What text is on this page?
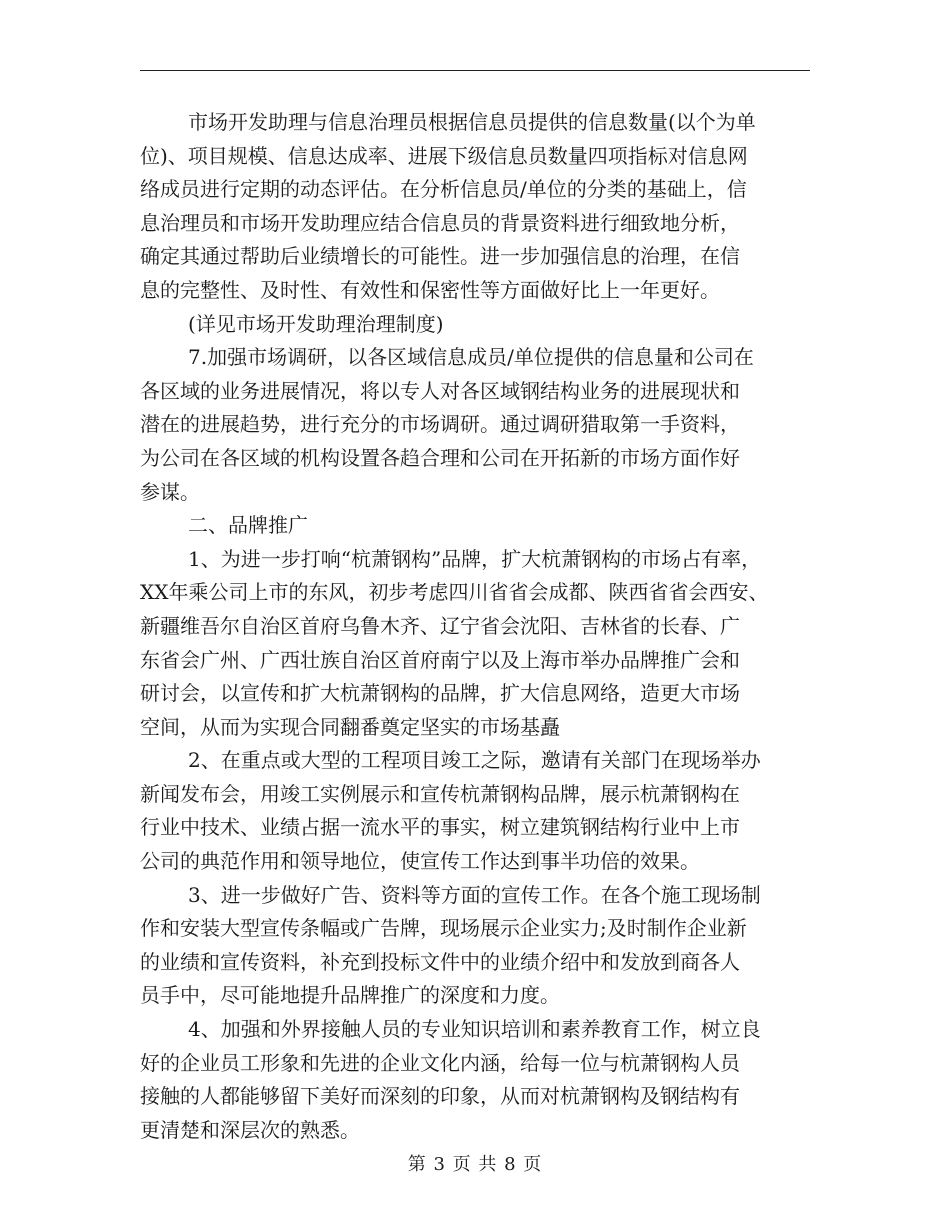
市场开发助理与信息治理员根据信息员提供的信息数量(以个为单
位)、项目规模、信息达成率、进展下级信息员数量四项指标对信息网
络成员进行定期的动态评估。在分析信息员/单位的分类的基础上，信
息治理员和市场开发助理应结合信息员的背景资料进行细致地分析，
确定其通过帮助后业绩增长的可能性。进一步加强信息的治理，在信
息的完整性、及时性、有效性和保密性等方面做好比上一年更好。
(详见市场开发助理治理制度)
7.加强市场调研，以各区域信息成员/单位提供的信息量和公司在
各区域的业务进展情况，将以专人对各区域钢结构业务的进展现状和
潜在的进展趋势，进行充分的市场调研。通过调研猎取第一手资料，
为公司在各区域的机构设置各趋合理和公司在开拓新的市场方面作好
参谋。
二、品牌推广
1、为进一步打响“杭萧钢构”品牌，扩大杭萧钢构的市场占有率，
XX年乘公司上市的东风，初步考虑四川省省会成都、陕西省省会西安、
新疆维吾尔自治区首府乌鲁木齐、辽宁省会沈阳、吉林省的长春、广
东省会广州、广西壮族自治区首府南宁以及上海市举办品牌推广会和
研讨会，以宣传和扩大杭萧钢构的品牌，扩大信息网络，造更大市场
空间，从而为实现合同翻番奠定坚实的市场基矗
2、在重点或大型的工程项目竣工之际，邀请有关部门在现场举办
新闻发布会，用竣工实例展示和宣传杭萧钢构品牌，展示杭萧钢构在
行业中技术、业绩占据一流水平的事实，树立建筑钢结构行业中上市
公司的典范作用和领导地位，使宣传工作达到事半功倍的效果。
3、进一步做好广告、资料等方面的宣传工作。在各个施工现场制
作和安装大型宣传条幅或广告牌，现场展示企业实力;及时制作企业新
的业绩和宣传资料，补充到投标文件中的业绩介绍中和发放到商各人
员手中，尽可能地提升品牌推广的深度和力度。
4、加强和外界接触人员的专业知识培训和素养教育工作，树立良
好的企业员工形象和先进的企业文化内涵，给每一位与杭萧钢构人员
接触的人都能够留下美好而深刻的印象，从而对杭萧钢构及钢结构有
更清楚和深层次的熟悉。
第 3 页 共 8 页
